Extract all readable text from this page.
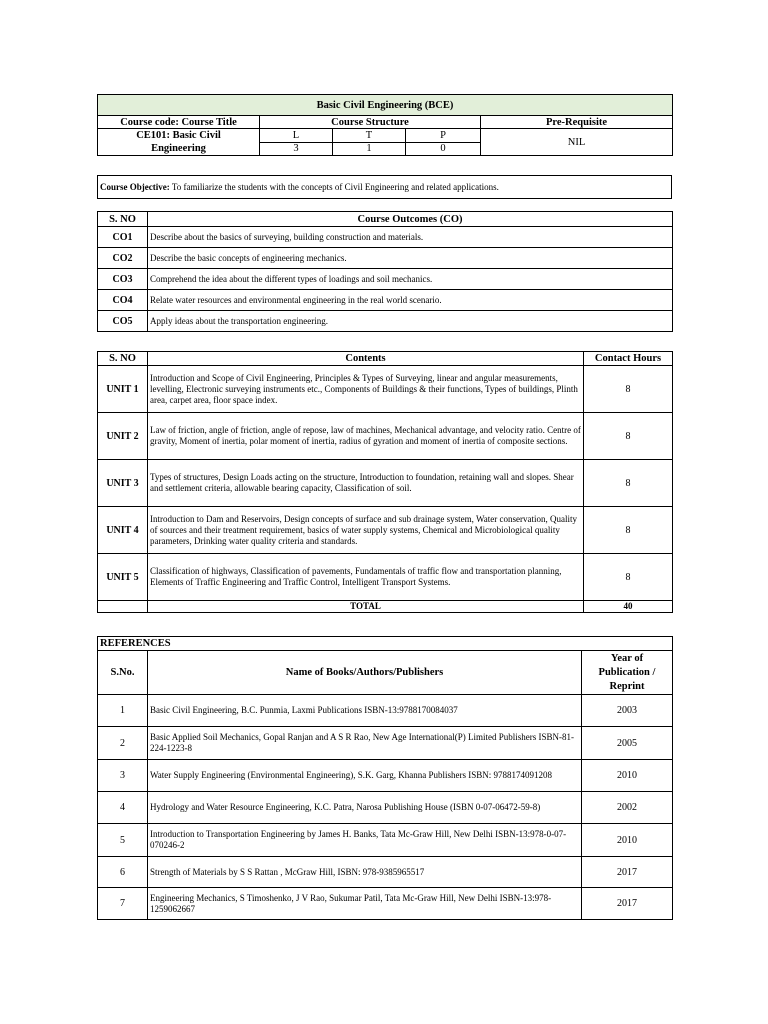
Basic Civil Engineering (BCE)				
Course code: Course Title	Course Structure			Pre-Requisite

CE101: Basic Civil
Engineering	L	T	P	NIL
	3	1	0	
Course Objective: To familiarize the students with the concepts of Civil Engineering and related applications.
S. NO	Course Outcomes (CO)
CO1	Describe about the basics of surveying, building construction and materials.
CO2	Describe the basic concepts of engineering mechanics.
CO3	Comprehend the idea about the different types of loadings and soil mechanics.
CO4	Relate water resources and environmental engineering in the real world scenario.
CO5	Apply ideas about the transportation engineering.
S. NO	Contents	Contact Hours
UNIT 1	Introduction and Scope of Civil Engineering, Principles & Types of Surveying, linear and angular measurements, levelling, Electronic surveying instruments etc., Components of Buildings & their functions, Types of buildings, Plinth area, carpet area, floor space index.	8
UNIT 2	Law of friction, angle of friction, angle of repose, law of machines, Mechanical advantage, and velocity ratio. Centre of gravity, Moment of inertia, polar moment of inertia, radius of gyration and moment of inertia of composite sections.	8
UNIT 3	Types of structures, Design Loads acting on the structure, Introduction to foundation, retaining wall and slopes. Shear and settlement criteria, allowable bearing capacity, Classification of soil.	8
UNIT 4	Introduction to Dam and Reservoirs, Design concepts of surface and sub drainage system, Water conservation, Quality of sources and their treatment requirement, basics of water supply systems, Chemical and Microbiological quality parameters, Drinking water quality criteria and standards.	8
UNIT 5	Classification of highways, Classification of pavements, Fundamentals of traffic flow and transportation planning, Elements of Traffic Engineering and Traffic Control, Intelligent Transport Systems.	8
	TOTAL	40
REFERENCES		
S.No.	Name of Books/Authors/Publishers	Year of
Publication /
Reprint

1	Basic Civil Engineering, B.C. Punmia, Laxmi Publications ISBN-13:9788170084037	2003
2	Basic Applied Soil Mechanics, Gopal Ranjan and A S R Rao, New Age International(P) Limited Publishers ISBN-81-224-1223-8	2005
3	Water Supply Engineering (Environmental Engineering), S.K. Garg, Khanna Publishers ISBN: 9788174091208	2010
4	Hydrology and Water Resource Engineering, K.C. Patra, Narosa Publishing House (ISBN 0-07-06472-59-8)	2002
5	Introduction to Transportation Engineering by James H. Banks, Tata Mc-Graw Hill, New Delhi ISBN-13:978-0-07-070246-2	2010
6	Strength of Materials by S S Rattan , McGraw Hill, ISBN: 978-9385965517	2017
7	Engineering Mechanics, S Timoshenko, J V Rao, Sukumar Patil, Tata Mc-Graw Hill, New Delhi ISBN-13:978-1259062667	2017
